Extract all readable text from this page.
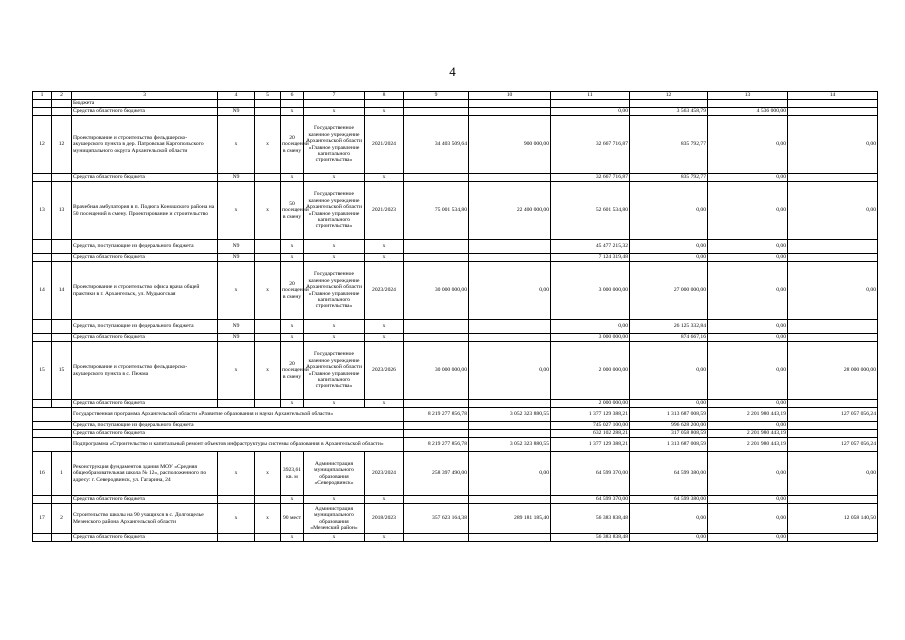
4
1	2	3	4	5	6	7	8	9	10	11	12	13	14
		Бюджета											
		Средства областного бюджета	N9		x	x	x			0,00	3 563 458,79	4 536 000,00	
12	12	Проектирование и строительство фельдшерско-акушерского пункта в дер. Патровская Каргопольского муниципального округа Архангельской области	x	x	20 посещений в смену	Государственное казенное учреждение Архангельской области «Главное управление капитального строительства»	2021/2024	34 403 509,64	900 000,00	32 667 716,87	835 792,77	0,00	0,00
		Средства областного бюджета	N9		x	x	x			32 667 716,87	835 792,77	0,00	
13	13	Врачебная амбулатория в п. Подюга Коношского района на 50 посещений в смену. Проектирование и строительство	x	x	50 посещений в смену	Государственное казенное учреждение Архангельской области «Главное управление капитального строительства»	2021/2023	75 001 534,80	22 400 000,00	52 601 534,80	0,00	0,00	0,00
		Средства, поступающие из федерального бюджета	N9		x	x	x			45 477 215,32	0,00	0,00	
		Средства областного бюджета	N9		x	x	x			7 124 319,48	0,00	0,00	
14	14	Проектирование и строительство офиса врача общей практики в г. Архангельск, ул. Мудьюгская	x	x	20 посещений в смену	Государственное казенное учреждение Архангельской области «Главное управление капитального строительства»	2023/2024	30 000 000,00	0,00	3 000 000,00	27 000 000,00	0,00	0,00
		Средства, поступающие из федерального бюджета	N9		x	x	x			0,00	26 125 332,84	0,00	
		Средства областного бюджета	N9		x	x	x			3 000 000,00	874 667,16	0,00	
15	15	Проектирование и строительство фельдшерско-акушерского пункта в с. Пежма	x	x	20 посещений в смену	Государственное казенное учреждение Архангельской области «Главное управление капитального строительства»	2023/2026	30 000 000,00	0,00	2 000 000,00	0,00	0,00	28 000 000,00
		Средства областного бюджета			x	x	x			2 000 000,00	0,00	0,00	
		Государственная программа Архангельской области «Развитие образования и науки Архангельской области»						8 219 277 856,78	3 052 323 880,55	1 377 129 388,21	1 313 687 008,59	2 201 980 443,19	127 057 056,24
		Средства, поступающие из федерального бюджета								745 027 100,00	996 628 200,00	0,00	
		Средства областного бюджета								632 102 288,21	317 058 808,59	2 201 980 443,19	
		Подпрограмма «Строительство и капитальный ремонт объектов инфраструктуры системы образования в Архангельской области»						8 219 277 856,78	3 052 323 880,55	1 377 129 388,21	1 313 687 008,59	2 201 980 443,19	127 057 056,24
16	1	Реконструкция фундаментов здания МОУ «Средняя общеобразовательная школа № 12», расположенного по адресу: г. Северодвинск, ул. Гагарина, 24	x	x	3923,61 кв. м	Администрация муниципального образования «Северодвинск»	2023/2024	258 397 490,00	0,00	64 599 370,00	64 599 380,00	0,00	0,00
		Средства областного бюджета			x	x	x			64 599 370,00	64 599 380,00	0,00	
17	2	Строительство школы на 90 учащихся в с. Долгощелье Мезенского района Архангельской области	x	x	90 мест	Администрация муниципального образования «Мезенский район»	2018/2023	357 623 164,38	289 181 185,40	56 383 838,48	0,00	0,00	12 058 140,50
		Средства областного бюджета			x	x	x			56 383 838,48	0,00	0,00	
